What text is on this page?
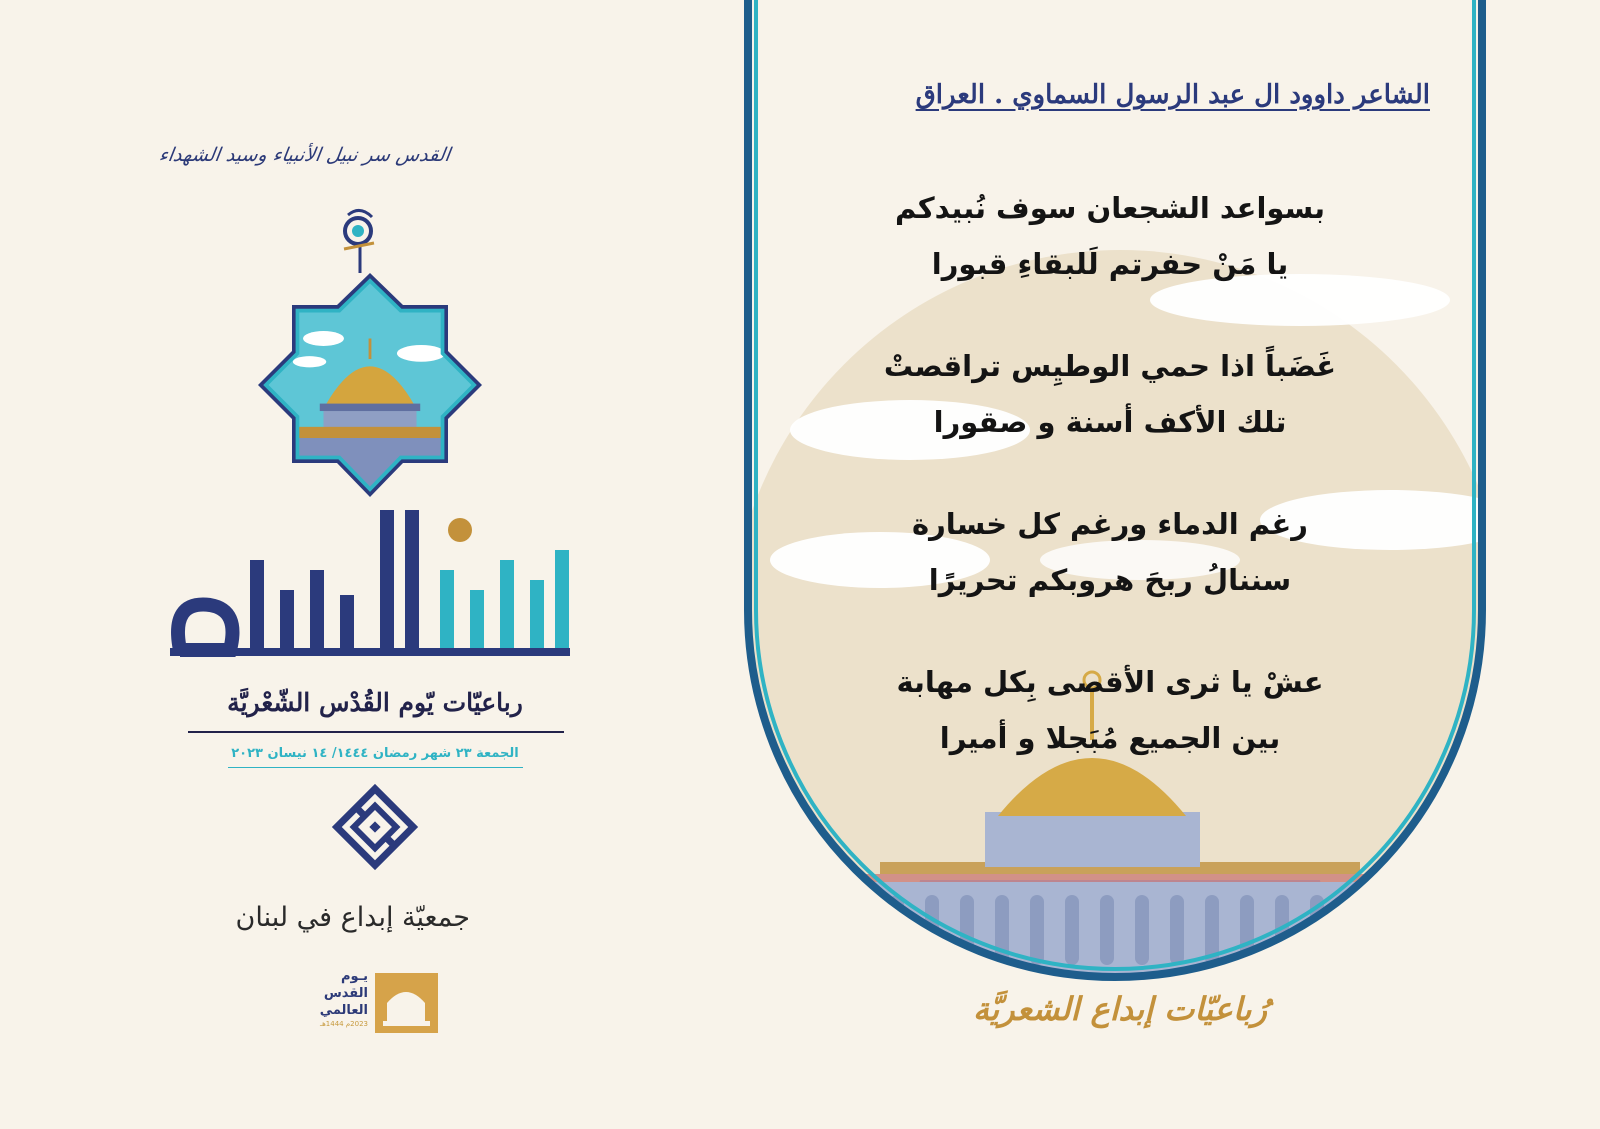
القدس سر نبيل الأنبياء وسيد الشهداء
رباعيّات يّوم القُدْس الشّعْريَّة
الجمعة ٢٣ شهر رمضان ١٤٤٤/ ١٤ نيسان ٢٠٢٣
جمعيّة إبداع في لبنان
يـوم
القدس
العالمي
2023م 1444هـ
الشاعر داوود ال عبد الرسول السماوي . العراق
بسواعد الشجعان سوف نُبيدكم
يا مَنْ حفرتم لَلبقاءِ قبورا
غَضَباً اذا حمي الوطيِس تراقصتْ
تلك الأكف أسنة و صقورا
رغم الدماء ورغم كل خسارة
سننالُ ربحَ هروبكم تحريرًا
عشْ يا ثرى الأقصى بِكل مهابة
بين الجميع مُبَجلا و أميرا
رُباعيّات إبداع الشعريَّة
